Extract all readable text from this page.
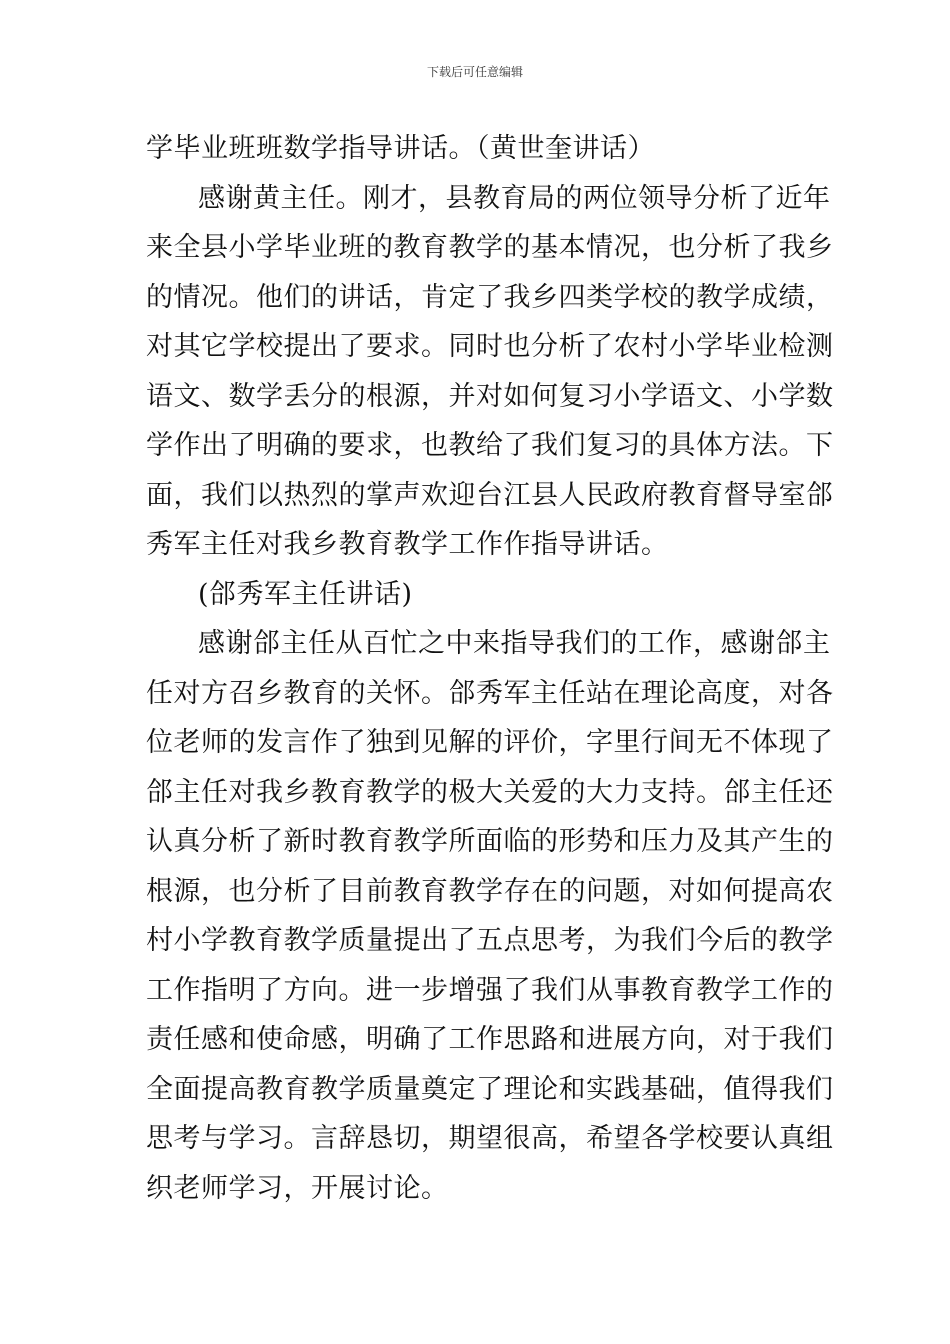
下载后可任意编辑
学毕业班班数学指导讲话。（黄世奎讲话）
感谢黄主任。刚才，县教育局的两位领导分析了近年
来全县小学毕业班的教育教学的基本情况，也分析了我乡
的情况。他们的讲话，肯定了我乡四类学校的教学成绩，
对其它学校提出了要求。同时也分析了农村小学毕业检测
语文、数学丢分的根源，并对如何复习小学语文、小学数
学作出了明确的要求，也教给了我们复习的具体方法。下
面，我们以热烈的掌声欢迎台江县人民政府教育督导室郃
秀军主任对我乡教育教学工作作指导讲话。
(郃秀军主任讲话)
感谢郃主任从百忙之中来指导我们的工作，感谢郃主
任对方召乡教育的关怀。郃秀军主任站在理论高度，对各
位老师的发言作了独到见解的评价，字里行间无不体现了
郃主任对我乡教育教学的极大关爱的大力支持。郃主任还
认真分析了新时教育教学所面临的形势和压力及其产生的
根源，也分析了目前教育教学存在的问题，对如何提高农
村小学教育教学质量提出了五点思考，为我们今后的教学
工作指明了方向。进一步增强了我们从事教育教学工作的
责任感和使命感，明确了工作思路和进展方向，对于我们
全面提高教育教学质量奠定了理论和实践基础，值得我们
思考与学习。言辞恳切，期望很高，希望各学校要认真组
织老师学习，开展讨论。
